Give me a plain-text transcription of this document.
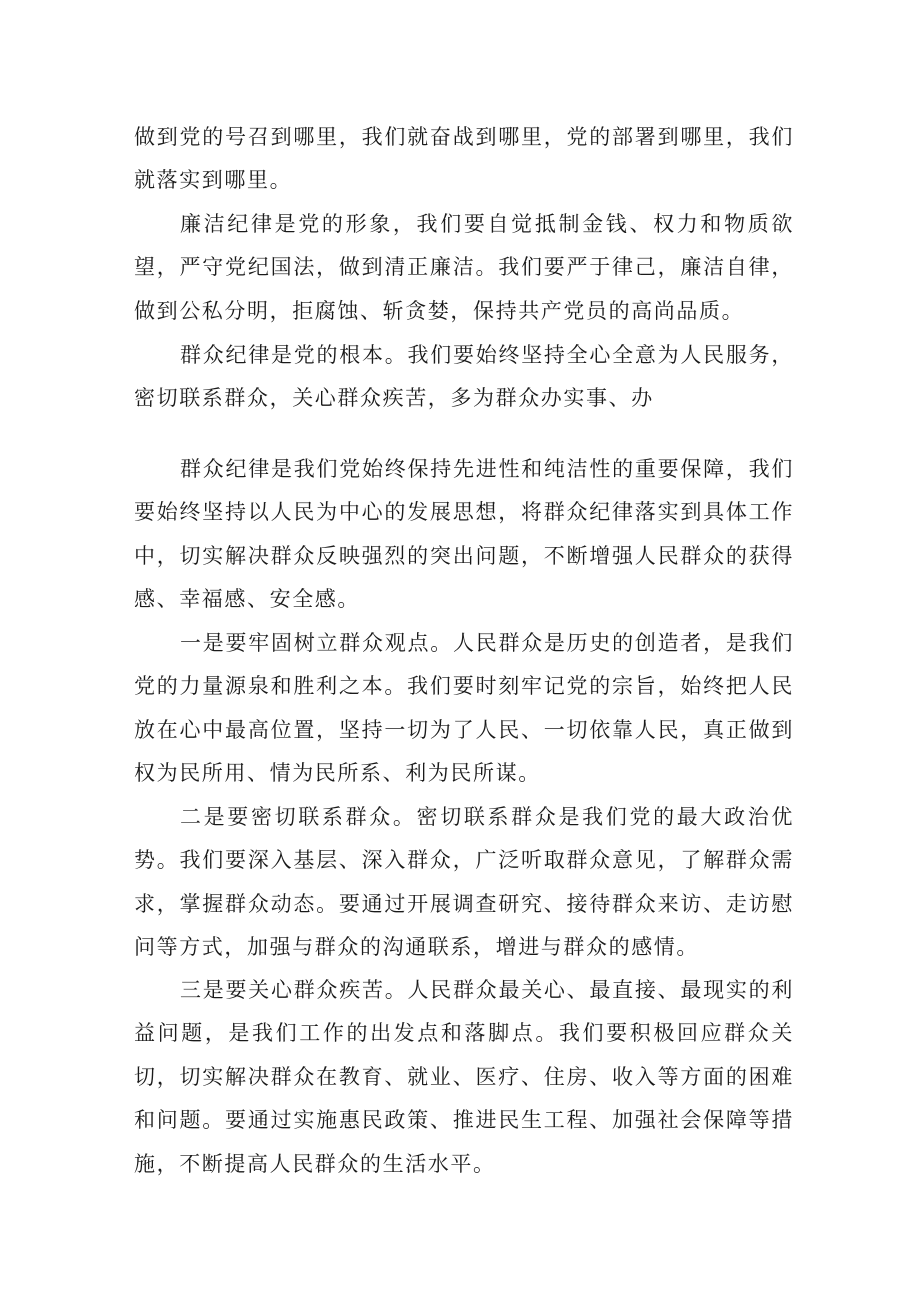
做到党的号召到哪里，我们就奋战到哪里，党的部署到哪里，我们就落实到哪里。

廉洁纪律是党的形象，我们要自觉抵制金钱、权力和物质欲望，严守党纪国法，做到清正廉洁。我们要严于律己，廉洁自律，做到公私分明，拒腐蚀、斩贪婪，保持共产党员的高尚品质。

群众纪律是党的根本。我们要始终坚持全心全意为人民服务，密切联系群众，关心群众疾苦，多为群众办实事、办

群众纪律是我们党始终保持先进性和纯洁性的重要保障，我们要始终坚持以人民为中心的发展思想，将群众纪律落实到具体工作中，切实解决群众反映强烈的突出问题，不断增强人民群众的获得感、幸福感、安全感。

一是要牢固树立群众观点。人民群众是历史的创造者，是我们党的力量源泉和胜利之本。我们要时刻牢记党的宗旨，始终把人民放在心中最高位置，坚持一切为了人民、一切依靠人民，真正做到权为民所用、情为民所系、利为民所谋。

二是要密切联系群众。密切联系群众是我们党的最大政治优势。我们要深入基层、深入群众，广泛听取群众意见，了解群众需求，掌握群众动态。要通过开展调查研究、接待群众来访、走访慰问等方式，加强与群众的沟通联系，增进与群众的感情。

三是要关心群众疾苦。人民群众最关心、最直接、最现实的利益问题，是我们工作的出发点和落脚点。我们要积极回应群众关切，切实解决群众在教育、就业、医疗、住房、收入等方面的困难和问题。要通过实施惠民政策、推进民生工程、加强社会保障等措施，不断提高人民群众的生活水平。
